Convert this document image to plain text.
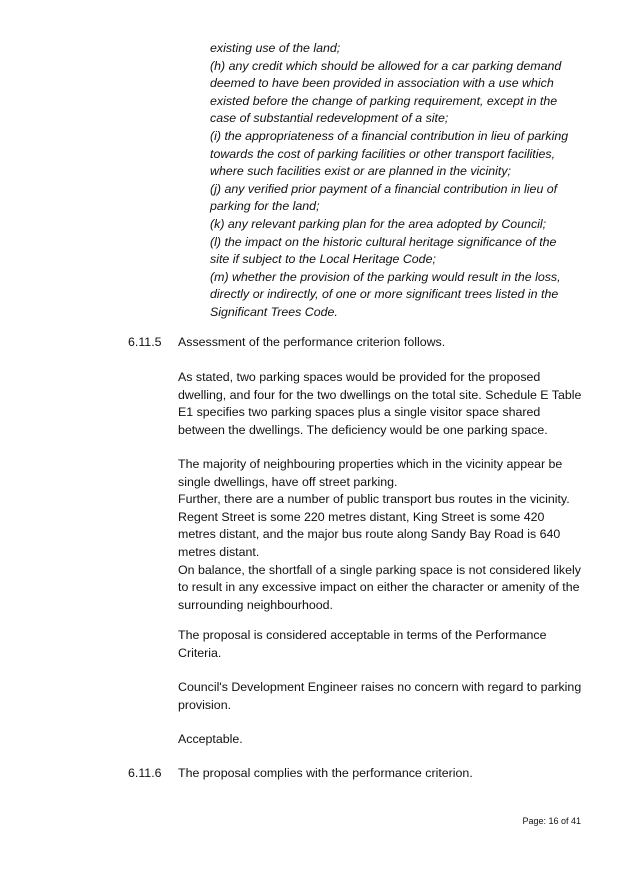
existing use of the land;
(h) any credit which should be allowed for a car parking demand
deemed to have been provided in association with a use which
existed before the change of parking requirement, except in the
case of substantial redevelopment of a site;
(i) the appropriateness of a financial contribution in lieu of parking
towards the cost of parking facilities or other transport facilities,
where such facilities exist or are planned in the vicinity;
(j) any verified prior payment of a financial contribution in lieu of
parking for the land;
(k) any relevant parking plan for the area adopted by Council;
(l) the impact on the historic cultural heritage significance of the
site if subject to the Local Heritage Code;
(m) whether the provision of the parking would result in the loss,
directly or indirectly, of one or more significant trees listed in the
Significant Trees Code.
6.11.5 Assessment of the performance criterion follows.
As stated, two parking spaces would be provided for the proposed
dwelling, and four for the two dwellings on the total site. Schedule E Table
E1 specifies two parking spaces plus a single visitor space shared
between the dwellings. The deficiency would be one parking space.
The majority of neighbouring properties which in the vicinity appear be
single dwellings, have off street parking.
Further, there are a number of public transport bus routes in the vicinity.
Regent Street is some 220 metres distant, King Street is some 420
metres distant, and the major bus route along Sandy Bay Road is 640
metres distant.
On balance, the shortfall of a single parking space is not considered likely
to result in any excessive impact on either the character or amenity of the
surrounding neighbourhood.
The proposal is considered acceptable in terms of the Performance
Criteria.
Council's Development Engineer raises no concern with regard to parking
provision.
Acceptable.
6.11.6 The proposal complies with the performance criterion.
Page: 16 of 41
